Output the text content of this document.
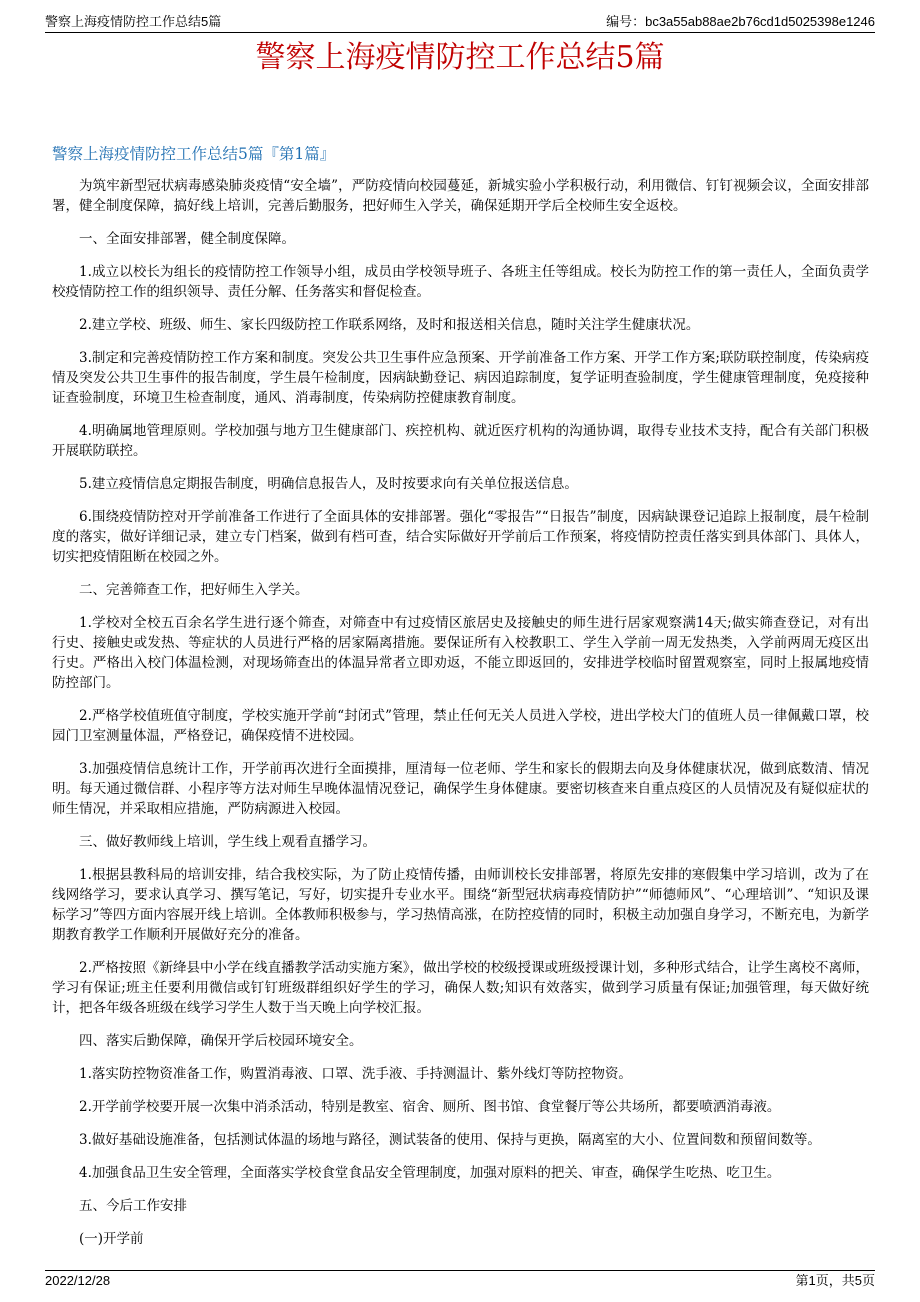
警察上海疫情防控工作总结5篇	编号：bc3a55ab88ae2b76cd1d5025398e1246
警察上海疫情防控工作总结5篇
警察上海疫情防控工作总结5篇『第1篇』

为筑牢新型冠状病毒感染肺炎疫情“安全墙”，严防疫情向校园蔓延，新城实验小学积极行动，利用微信、钉钉视频会议，全面安排部署，健全制度保障，搞好线上培训，完善后勤服务，把好师生入学关，确保延期开学后全校师生安全返校。

一、全面安排部署，健全制度保障。

1.成立以校长为组长的疫情防控工作领导小组，成员由学校领导班子、各班主任等组成。校长为防控工作的第一责任人，全面负责学校疫情防控工作的组织领导、责任分解、任务落实和督促检查。

2.建立学校、班级、师生、家长四级防控工作联系网络，及时和报送相关信息，随时关注学生健康状况。

3.制定和完善疫情防控工作方案和制度。突发公共卫生事件应急预案、开学前准备工作方案、开学工作方案;联防联控制度，传染病疫情及突发公共卫生事件的报告制度，学生晨午检制度，因病缺勤登记、病因追踪制度，复学证明查验制度，学生健康管理制度，免疫接种证查验制度，环境卫生检查制度，通风、消毒制度，传染病防控健康教育制度。

4.明确属地管理原则。学校加强与地方卫生健康部门、疾控机构、就近医疗机构的沟通协调，取得专业技术支持，配合有关部门积极开展联防联控。

5.建立疫情信息定期报告制度，明确信息报告人，及时按要求向有关单位报送信息。

6.围绕疫情防控对开学前准备工作进行了全面具体的安排部署。强化“零报告”“日报告”制度，因病缺课登记追踪上报制度，晨午检制度的落实，做好详细记录，建立专门档案，做到有档可查，结合实际做好开学前后工作预案，将疫情防控责任落实到具体部门、具体人，切实把疫情阻断在校园之外。

二、完善筛查工作，把好师生入学关。

1.学校对全校五百余名学生进行逐个筛查，对筛查中有过疫情区旅居史及接触史的师生进行居家观察满14天;做实筛查登记，对有出行史、接触史或发热、等症状的人员进行严格的居家隔离措施。要保证所有入校教职工、学生入学前一周无发热类，入学前两周无疫区出行史。严格出入校门体温检测，对现场筛查出的体温异常者立即劝返，不能立即返回的，安排进学校临时留置观察室，同时上报属地疫情防控部门。

2.严格学校值班值守制度，学校实施开学前“封闭式”管理，禁止任何无关人员进入学校，进出学校大门的值班人员一律佩戴口罩，校园门卫室测量体温，严格登记，确保疫情不进校园。

3.加强疫情信息统计工作，开学前再次进行全面摸排，厘清每一位老师、学生和家长的假期去向及身体健康状况，做到底数清、情况明。每天通过微信群、小程序等方法对师生早晚体温情况登记，确保学生身体健康。要密切核查来自重点疫区的人员情况及有疑似症状的师生情况，并采取相应措施，严防病源进入校园。

三、做好教师线上培训，学生线上观看直播学习。

1.根据县教科局的培训安排，结合我校实际，为了防止疫情传播，由师训校长安排部署，将原先安排的寒假集中学习培训，改为了在线网络学习，要求认真学习、撰写笔记，写好，切实提升专业水平。围绕“新型冠状病毒疫情防护”“师德师风”、“心理培训”、“知识及课标学习”等四方面内容展开线上培训。全体教师积极参与，学习热情高涨，在防控疫情的同时，积极主动加强自身学习，不断充电，为新学期教育教学工作顺利开展做好充分的准备。

2.严格按照《新绛县中小学在线直播教学活动实施方案》，做出学校的校级授课或班级授课计划，多种形式结合，让学生离校不离师，学习有保证;班主任要利用微信或钉钉班级群组织好学生的学习，确保人数;知识有效落实，做到学习质量有保证;加强管理，每天做好统计，把各年级各班级在线学习学生人数于当天晚上向学校汇报。

四、落实后勤保障，确保开学后校园环境安全。

1.落实防控物资准备工作，购置消毒液、口罩、洗手液、手持测温计、紫外线灯等防控物资。

2.开学前学校要开展一次集中消杀活动，特别是教室、宿舍、厕所、图书馆、食堂餐厅等公共场所，都要喷洒消毒液。

3.做好基础设施准备，包括测试体温的场地与路径，测试装备的使用、保持与更换，隔离室的大小、位置间数和预留间数等。

4.加强食品卫生安全管理，全面落实学校食堂食品安全管理制度，加强对原料的把关、审查，确保学生吃热、吃卫生。

五、今后工作安排

(一)开学前

2022/12/28	第1页，共5页
